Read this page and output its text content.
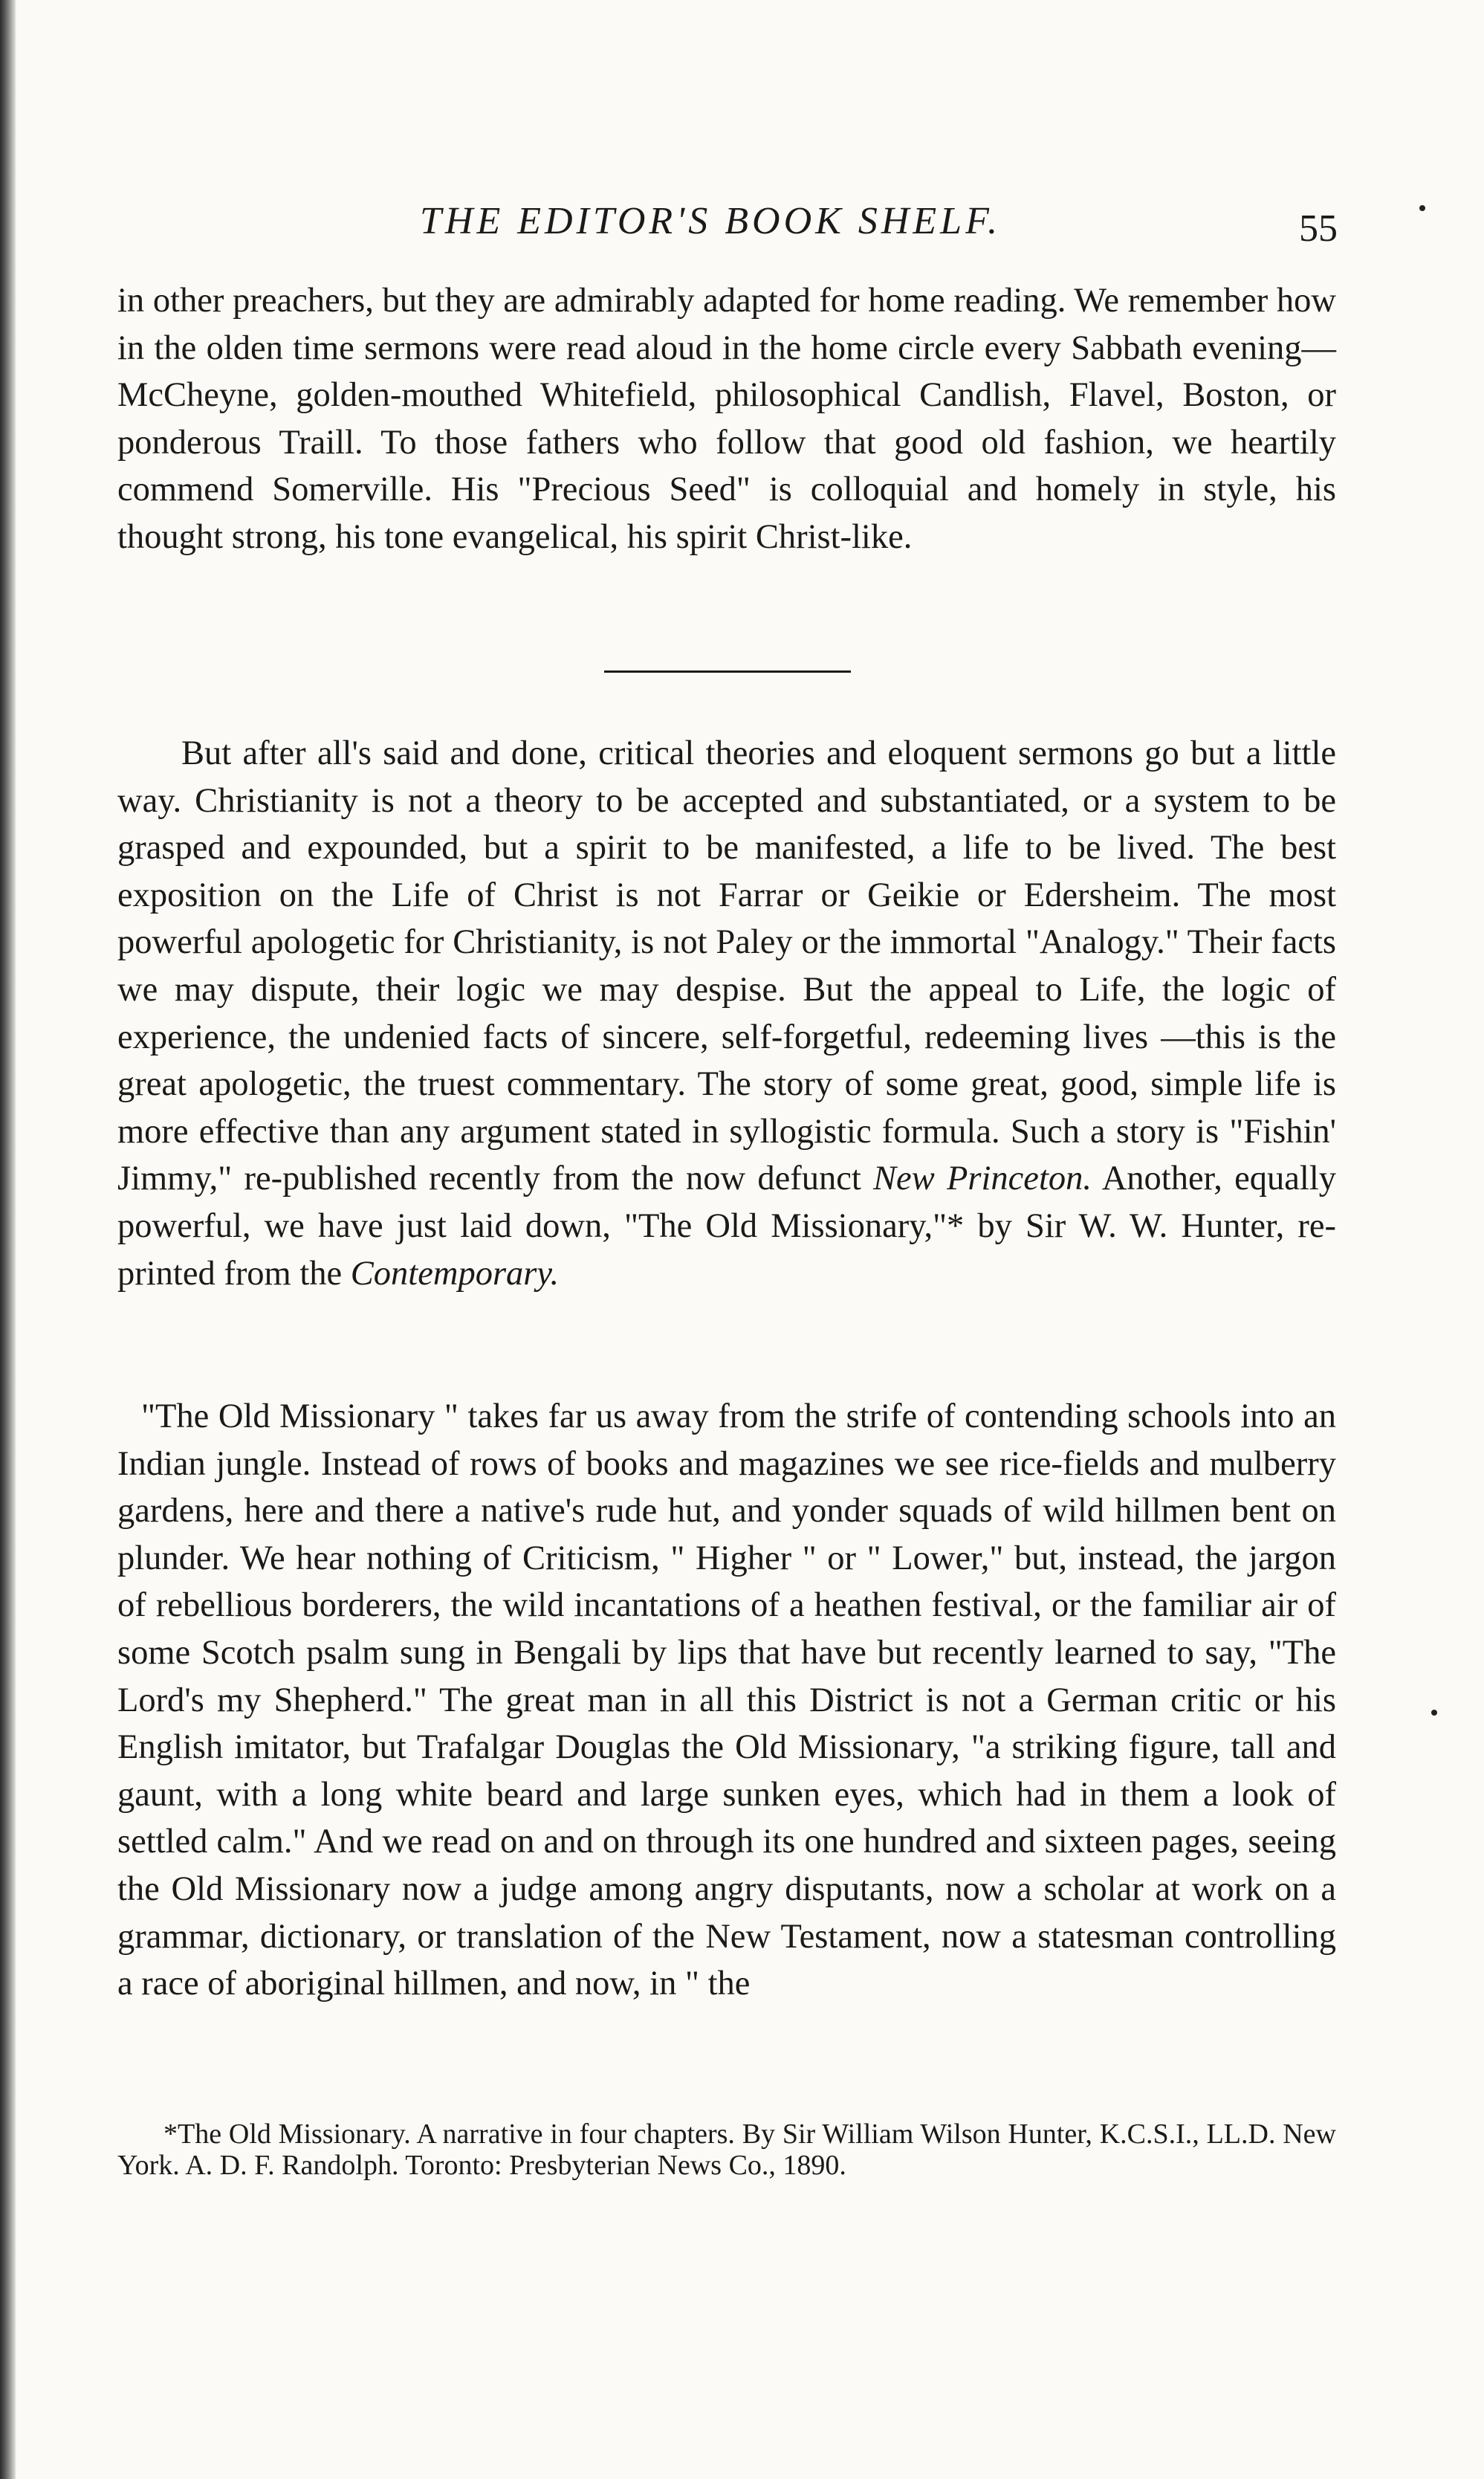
THE EDITOR'S BOOK SHELF.	55

in other preachers, but they are admirably adapted for home reading. We remember how in the olden time sermons were read aloud in the home circle every Sabbath evening—McCheyne, golden-mouthed Whitefield, philosophical Candlish, Flavel, Boston, or ponderous Traill. To those fathers who follow that good old fashion, we heartily commend Somerville. His "Precious Seed" is colloquial and homely in style, his thought strong, his tone evangelical, his spirit Christ-like.

But after all's said and done, critical theories and eloquent sermons go but a little way. Christianity is not a theory to be accepted and substantiated, or a system to be grasped and expounded, but a spirit to be manifested, a life to be lived. The best exposition on the Life of Christ is not Farrar or Geikie or Edersheim. The most powerful apologetic for Christianity, is not Paley or the immortal "Analogy." Their facts we may dispute, their logic we may despise. But the appeal to Life, the logic of experience, the undenied facts of sincere, self-forgetful, redeeming lives —this is the great apologetic, the truest commentary. The story of some great, good, simple life is more effective than any argument stated in syllogistic formula. Such a story is "Fishin' Jimmy," re-published recently from the now defunct New Princeton. Another, equally powerful, we have just laid down, "The Old Missionary,"* by Sir W. W. Hunter, re-printed from the Contemporary.

"The Old Missionary " takes far us away from the strife of contending schools into an Indian jungle. Instead of rows of books and magazines we see rice-fields and mulberry gardens, here and there a native's rude hut, and yonder squads of wild hillmen bent on plunder. We hear nothing of Criticism, " Higher " or " Lower," but, instead, the jargon of rebellious borderers, the wild incantations of a heathen festival, or the familiar air of some Scotch psalm sung in Bengali by lips that have but recently learned to say, "The Lord's my Shepherd." The great man in all this District is not a German critic or his English imitator, but Trafalgar Douglas the Old Missionary, "a striking figure, tall and gaunt, with a long white beard and large sunken eyes, which had in them a look of settled calm." And we read on and on through its one hundred and sixteen pages, seeing the Old Missionary now a judge among angry disputants, now a scholar at work on a grammar, dictionary, or translation of the New Testament, now a statesman controlling a race of aboriginal hillmen, and now, in " the

*The Old Missionary. A narrative in four chapters. By Sir William Wilson Hunter, K.C.S.I., LL.D. New York. A. D. F. Randolph. Toronto: Presbyterian News Co., 1890.
